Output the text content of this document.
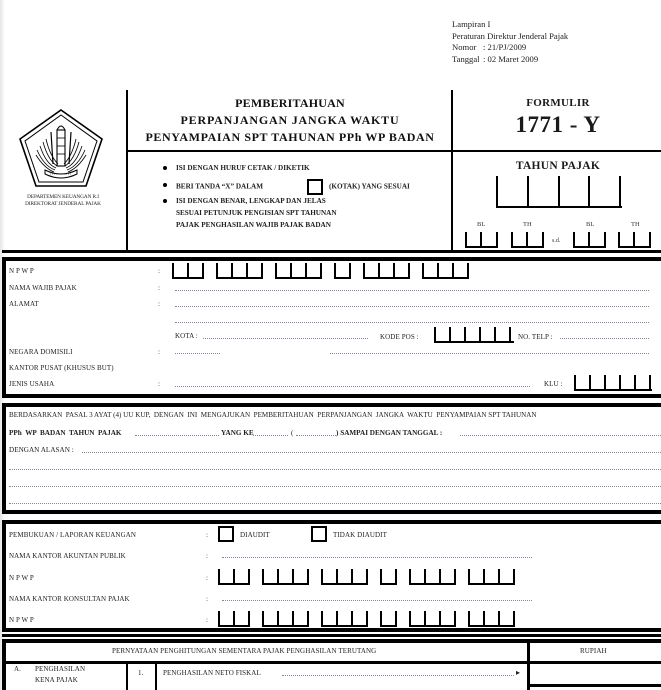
Lampiran I
Peraturan Direktur Jenderal Pajak
Nomor : 21/PJ/2009
Tanggal : 02 Maret 2009
DEPARTEMEN KEUANGAN R.I
DIREKTORAT JENDERAL PAJAK
PEMBERITAHUAN
PERPANJANGAN JANGKA WAKTU
PENYAMPAIAN SPT TAHUNAN PPh WP BADAN
ISI DENGAN HURUF CETAK / DIKETIK
BERI TANDA “X” DALAM	(KOTAK) YANG SESUAI
ISI DENGAN BENAR, LENGKAP DAN JELAS
SESUAI PETUNJUK PENGISIAN SPT TAHUNAN
PAJAK PENGHASILAN WAJIB PAJAK BADAN
FORMULIR
1771 - Y
TAHUN PAJAK
BL	TH	BL	TH
s.d.
N P W P	:
NAMA WAJIB PAJAK	:
ALAMAT	:
KOTA :	KODE POS :	NO. TELP :
NEGARA DOMISILI	:
KANTOR PUSAT (KHUSUS BUT)
JENIS USAHA	:	KLU :
BERDASARKAN  PASAL 3 AYAT (4) UU KUP,  DENGAN  INI  MENGAJUKAN  PEMBERITAHUAN  PERPANJANGAN  JANGKA  WAKTU  PENYAMPAIAN SPT TAHUNAN
PPh  WP  BADAN  TAHUN  PAJAK	YANG KE	(	) SAMPAI DENGAN TANGGAL :
DENGAN ALASAN :
PEMBUKUAN / LAPORAN KEUANGAN	:	DIAUDIT	TIDAK DIAUDIT
NAMA KANTOR AKUNTAN PUBLIK	:
N P W P	:
NAMA KANTOR KONSULTAN PAJAK	:
N P W P	:
PERNYATAAN PENGHITUNGAN SEMENTARA PAJAK PENGHASILAN TERUTANG	RUPIAH
A. PENGHASILAN
KENA PAJAK
1.	PENGHASILAN NETO FISKAL	▸
